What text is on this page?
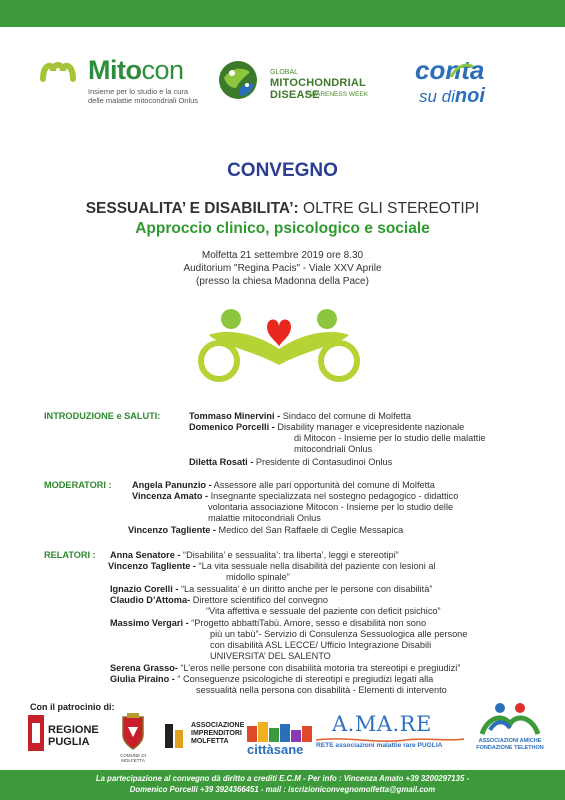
Mitocon
Insieme per lo studio e la cura delle malattie mitocondriali Onlus
GLOBAL
MITOCHONDRIAL DISEASE
AWARENESS WEEK
conta
su dinoi
CONVEGNO
SESSUALITA’ E DISABILITA’: OLTRE GLI STEREOTIPI
Approccio clinico, psicologico e sociale
Molfetta 21 settembre 2019 ore 8.30
Auditorium "Regina Pacis" - Viale XXV Aprile
(presso la chiesa Madonna della Pace)
INTRODUZIONE e SALUTI:	Tommaso Minervini - Sindaco del comune di Molfetta
Domenico Porcelli - Disability manager e vicepresidente nazionale
di Mitocon - Insieme per lo studio delle malattie
mitocondriali Onlus
Diletta Rosati - Presidente di Contasudinoi Onlus
MODERATORI : Angela Panunzio - Assessore alle pari opportunità del comune di Molfetta
Vincenza Amato - Insegnante specializzata nel sostegno pedagogico - didattico
volontaria associazione Mitocon - Insieme per lo studio delle
malattie mitocondriali Onlus
Vincenzo Tagliente - Medico del San Raffaele di Ceglie Messapica
RELATORI : Anna Senatore - “Disabilita’ e sessualita’: tra liberta’, leggi e stereotipi”
Vincenzo Tagliente - “La vita sessuale nella disabilità del paziente con lesioni al
midollo spinale”
Ignazio Corelli - “La sessualita’ è un diritto anche per le persone con disabilità”
Claudio D’Attoma- Direttore scientifico del convegno
“Vita affettiva e sessuale del paziente con deficit psichico”
Massimo Vergari - “Progetto abbattiTabù. Amore, sesso e disabilità non sono
più un tabù”- Servizio di Consulenza Sessuologica alle persone
con disabilità ASL LECCE/ Ufficio Integrazione Disabili
UNIVERSITA’ DEL SALENTO
Serena Grasso- “L’eros nelle persone con disabilità motoria tra stereotipi e pregiudizi”
Giulia Piraino - “ Conseguenze psicologiche di stereotipi e pregiudizi legati alla
sessualità nella persona con disabilità - Elementi di intervento
Con il patrocinio di:
REGIONE
PUGLIA
COMUNE DI MOLFETTA
ASSOCIAZIONE IMPRENDITORI MOLFETTA
cittàsane
A.MA.RE
RETE associazioni malattie rare PUGLIA
ASSOCIAZIONI AMICHE
FONDAZIONE TELETHON
La partecipazione al convegno dà diritto a crediti E.C.M - Per info : Vincenza Amato +39 3200297135 -
Domenico Porcelli +39 3924366451 - mail : iscrizioniconvegnomolfetta@gmail.com
